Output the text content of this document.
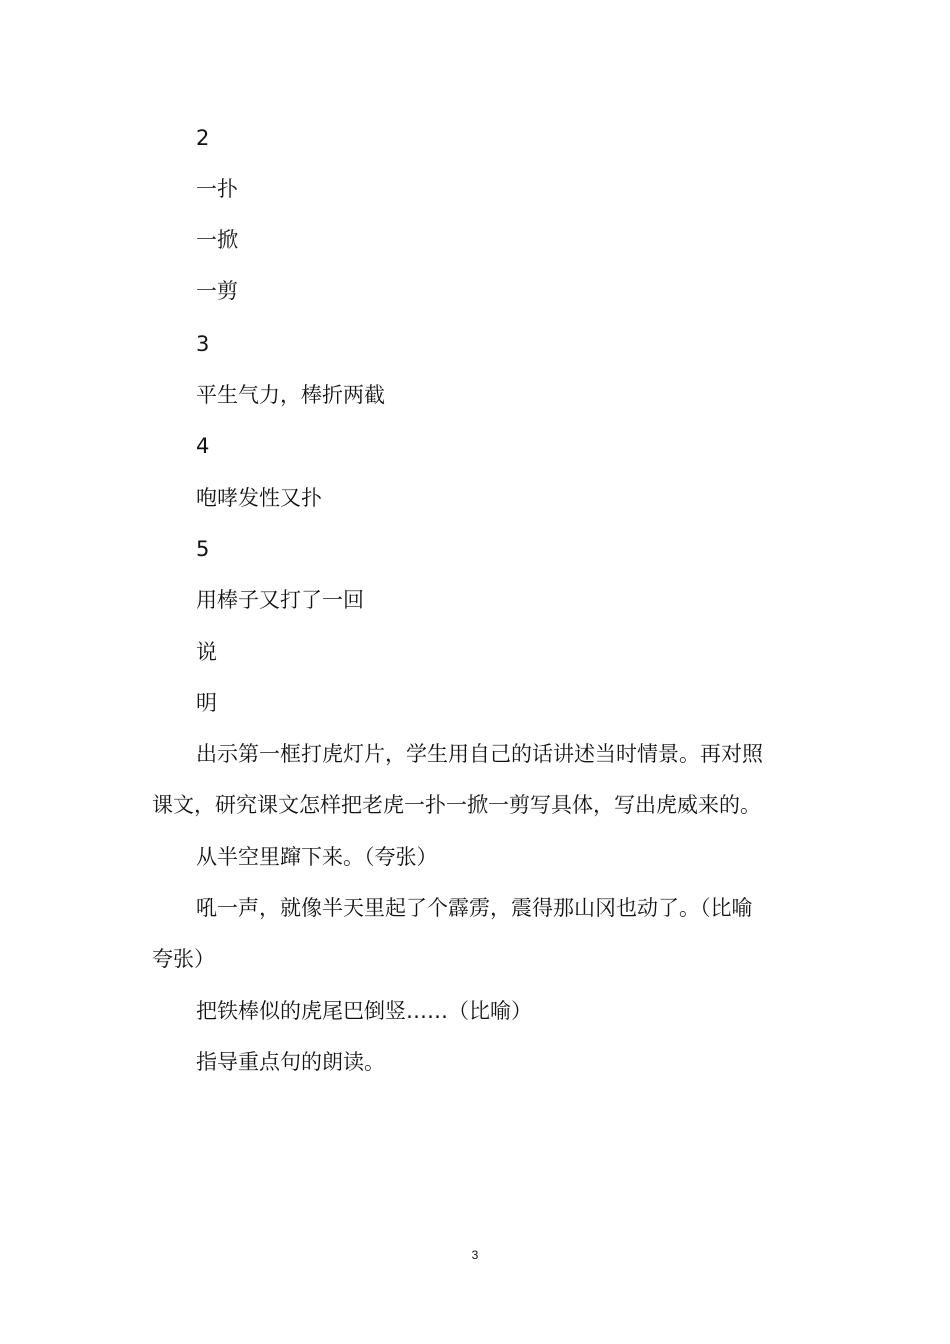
2
一扑
一掀
一剪
3
平生气力，棒折两截
4
咆哮发性又扑
5
用棒子又打了一回
说
明
出示第一框打虎灯片，学生用自己的话讲述当时情景。再对照
课文，研究课文怎样把老虎一扑一掀一剪写具体，写出虎威来的。
从半空里蹿下来。（夸张）
吼一声，就像半天里起了个霹雳，震得那山冈也动了。（比喻
夸张）
把铁棒似的虎尾巴倒竖……（比喻）
指导重点句的朗读。
3
